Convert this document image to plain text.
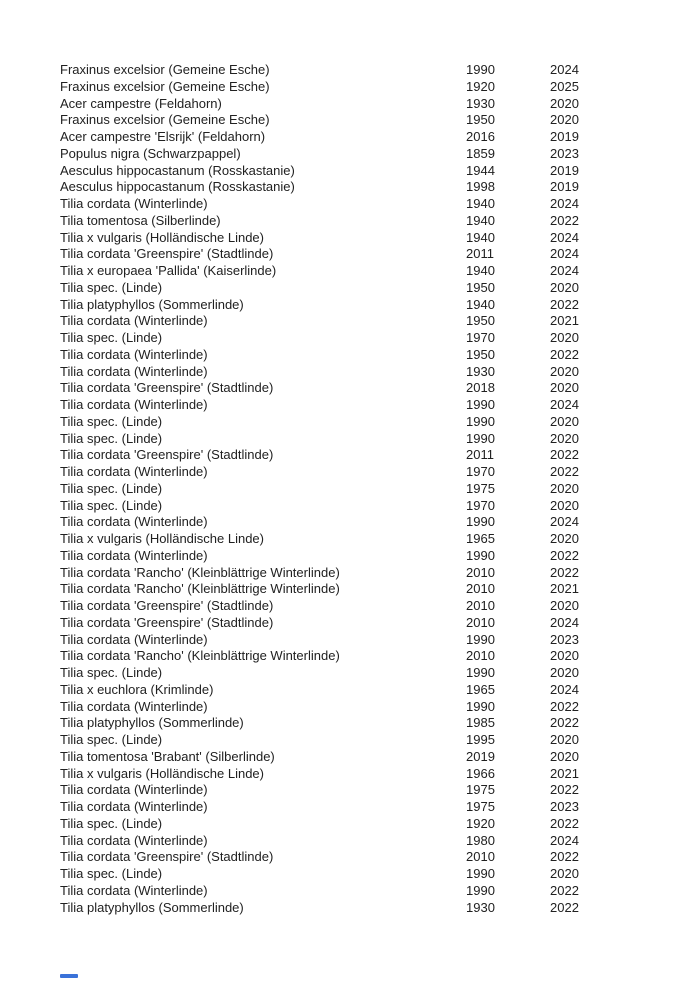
Fraxinus excelsior (Gemeine Esche)	1990	2024
Fraxinus excelsior (Gemeine Esche)	1920	2025
Acer campestre (Feldahorn)	1930	2020
Fraxinus excelsior (Gemeine Esche)	1950	2020
Acer campestre 'Elsrijk' (Feldahorn)	2016	2019
Populus nigra (Schwarzpappel)	1859	2023
Aesculus hippocastanum (Rosskastanie)	1944	2019
Aesculus hippocastanum (Rosskastanie)	1998	2019
Tilia cordata (Winterlinde)	1940	2024
Tilia tomentosa (Silberlinde)	1940	2022
Tilia x vulgaris (Holländische Linde)	1940	2024
Tilia cordata 'Greenspire' (Stadtlinde)	2011	2024
Tilia x europaea 'Pallida' (Kaiserlinde)	1940	2024
Tilia spec. (Linde)	1950	2020
Tilia platyphyllos (Sommerlinde)	1940	2022
Tilia cordata (Winterlinde)	1950	2021
Tilia spec. (Linde)	1970	2020
Tilia cordata (Winterlinde)	1950	2022
Tilia cordata (Winterlinde)	1930	2020
Tilia cordata 'Greenspire' (Stadtlinde)	2018	2020
Tilia cordata (Winterlinde)	1990	2024
Tilia spec. (Linde)	1990	2020
Tilia spec. (Linde)	1990	2020
Tilia cordata 'Greenspire' (Stadtlinde)	2011	2022
Tilia cordata (Winterlinde)	1970	2022
Tilia spec. (Linde)	1975	2020
Tilia spec. (Linde)	1970	2020
Tilia cordata (Winterlinde)	1990	2024
Tilia x vulgaris (Holländische Linde)	1965	2020
Tilia cordata (Winterlinde)	1990	2022
Tilia cordata 'Rancho' (Kleinblättrige Winterlinde)	2010	2022
Tilia cordata 'Rancho' (Kleinblättrige Winterlinde)	2010	2021
Tilia cordata 'Greenspire' (Stadtlinde)	2010	2020
Tilia cordata 'Greenspire' (Stadtlinde)	2010	2024
Tilia cordata (Winterlinde)	1990	2023
Tilia cordata 'Rancho' (Kleinblättrige Winterlinde)	2010	2020
Tilia spec. (Linde)	1990	2020
Tilia x euchlora (Krimlinde)	1965	2024
Tilia cordata (Winterlinde)	1990	2022
Tilia platyphyllos (Sommerlinde)	1985	2022
Tilia spec. (Linde)	1995	2020
Tilia tomentosa 'Brabant' (Silberlinde)	2019	2020
Tilia x vulgaris (Holländische Linde)	1966	2021
Tilia cordata (Winterlinde)	1975	2022
Tilia cordata (Winterlinde)	1975	2023
Tilia spec. (Linde)	1920	2022
Tilia cordata (Winterlinde)	1980	2024
Tilia cordata 'Greenspire' (Stadtlinde)	2010	2022
Tilia spec. (Linde)	1990	2020
Tilia cordata (Winterlinde)	1990	2022
Tilia platyphyllos (Sommerlinde)	1930	2022
